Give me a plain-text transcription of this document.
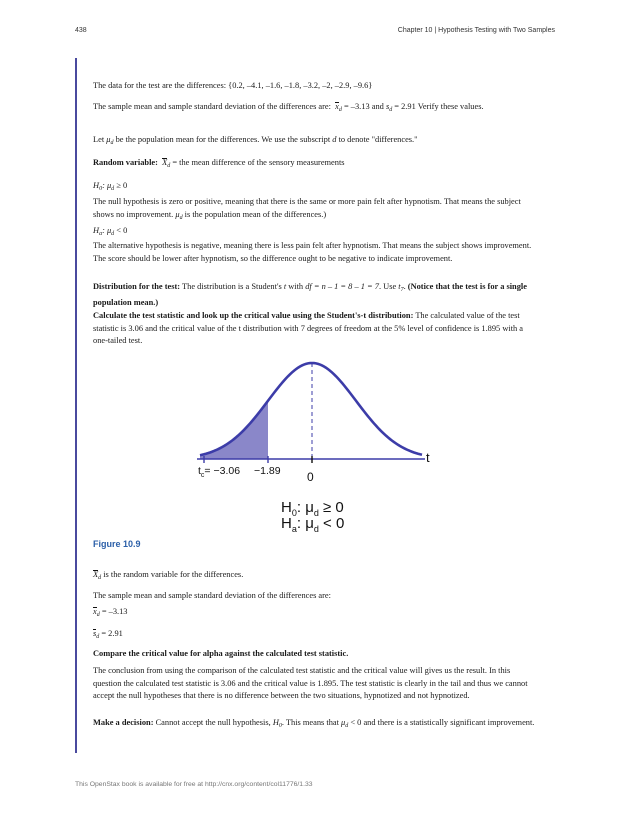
438	Chapter 10 | Hypothesis Testing with Two Samples
The data for the test are the differences: {0.2, –4.1, –1.6, –1.8, –3.2, –2, –2.9, –9.6}
The sample mean and sample standard deviation of the differences are: $x_d = -3.13$ and $s_d = 2.91$ Verify these values.
Let $\mu_d$ be the population mean for the differences. We use the subscript d to denote "differences."
Random variable: $X_d$ = the mean difference of the sensory measurements
$H_0$: $\mu_d \ge 0$
The null hypothesis is zero or positive, meaning that there is the same or more pain felt after hypnotism. That means the subject shows no improvement. $\mu_d$ is the population mean of the differences.)
$H_a$: $\mu_d < 0$
The alternative hypothesis is negative, meaning there is less pain felt after hypnotism. That means the subject shows improvement. The score should be lower after hypnotism, so the difference ought to be negative to indicate improvement.
Distribution for the test: The distribution is a Student's t with df = n – 1 = 8 – 1 = 7. Use $t_7$. (Notice that the test is for a single population mean.)
Calculate the test statistic and look up the critical value using the Student's-t distribution: The calculated value of the test statistic is 3.06 and the critical value of the t distribution with 7 degrees of freedom at the 5% level of confidence is 1.895 with a one-tailed test.
t
$t_c= -3.06 -1.89$ 0
$H_0$: $\mu_d \ge 0$
$H_a$: $\mu_d < 0$
Figure 10.9
$X_d$ is the random variable for the differences.
The sample mean and sample standard deviation of the differences are:
$x_d = -3.13$
$s_d = 2.91$
Compare the critical value for alpha against the calculated test statistic.
The conclusion from using the comparison of the calculated test statistic and the critical value will gives us the result. In this question the calculated test statistic is 3.06 and the critical value is 1.895. The test statistic is clearly in the tail and thus we cannot accept the null hypotheses that there is no difference between the two situations, hypnotized and not hypnotized.
Make a decision: Cannot accept the null hypothesis, $H_0$. This means that $\mu_d < 0$ and there is a statistically significant improvement.
This OpenStax book is available for free at http://cnx.org/content/col11776/1.33
